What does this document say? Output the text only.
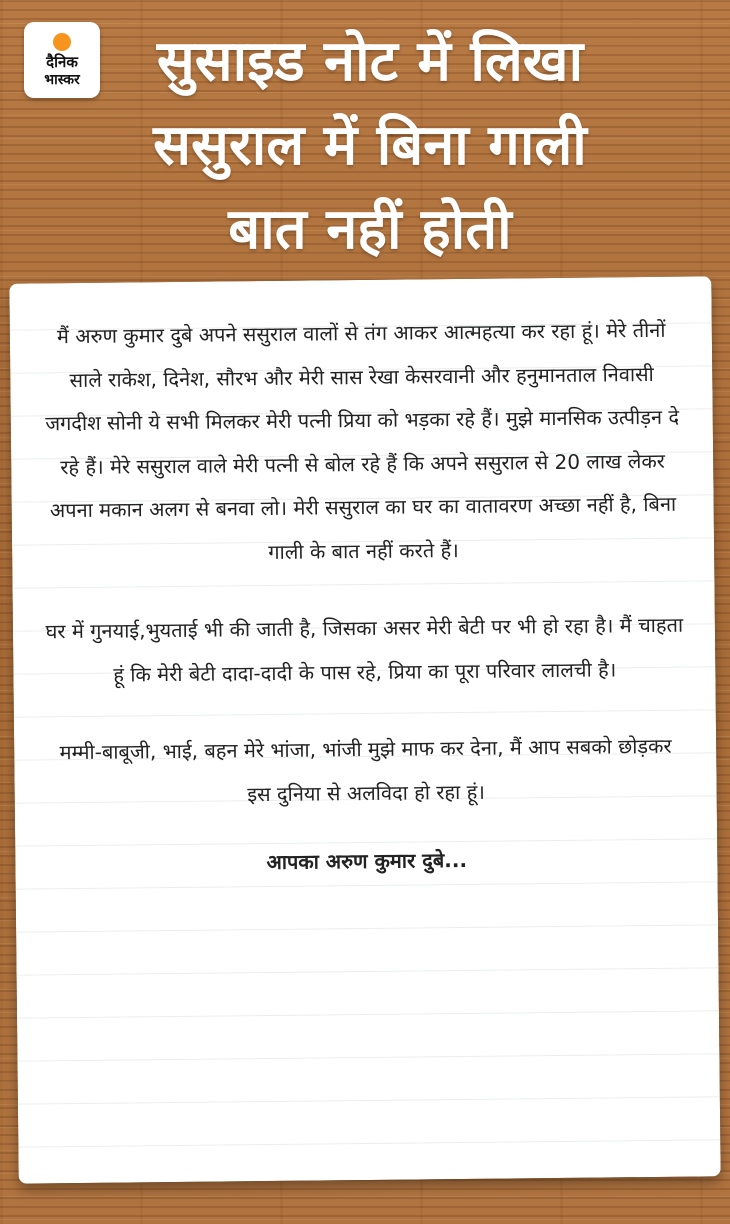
दैनिक
भास्कर	सुसाइड नोट में लिखा
ससुराल में बिना गाली
बात नहीं होती

मैं अरुण कुमार दुबे अपने ससुराल वालों से तंग आकर आत्महत्या कर रहा हूं। मेरे तीनों साले राकेश, दिनेश, सौरभ और मेरी सास रेखा केसरवानी और हनुमानताल निवासी जगदीश सोनी ये सभी मिलकर मेरी पत्नी प्रिया को भड़का रहे हैं। मुझे मानसिक उत्पीड़न दे रहे हैं। मेरे ससुराल वाले मेरी पत्नी से बोल रहे हैं कि अपने ससुराल से 20 लाख लेकर अपना मकान अलग से बनवा लो। मेरी ससुराल का घर का वातावरण अच्छा नहीं है, बिना गाली के बात नहीं करते हैं।

घर में गुनयाई,भुयताई भी की जाती है, जिसका असर मेरी बेटी पर भी हो रहा है। मैं चाहता हूं कि मेरी बेटी दादा-दादी के पास रहे, प्रिया का पूरा परिवार लालची है।

मम्मी-बाबूजी, भाई, बहन मेरे भांजा, भांजी मुझे माफ कर देना, मैं आप सबको छोड़कर इस दुनिया से अलविदा हो रहा हूं।

आपका अरुण कुमार दुबे...
